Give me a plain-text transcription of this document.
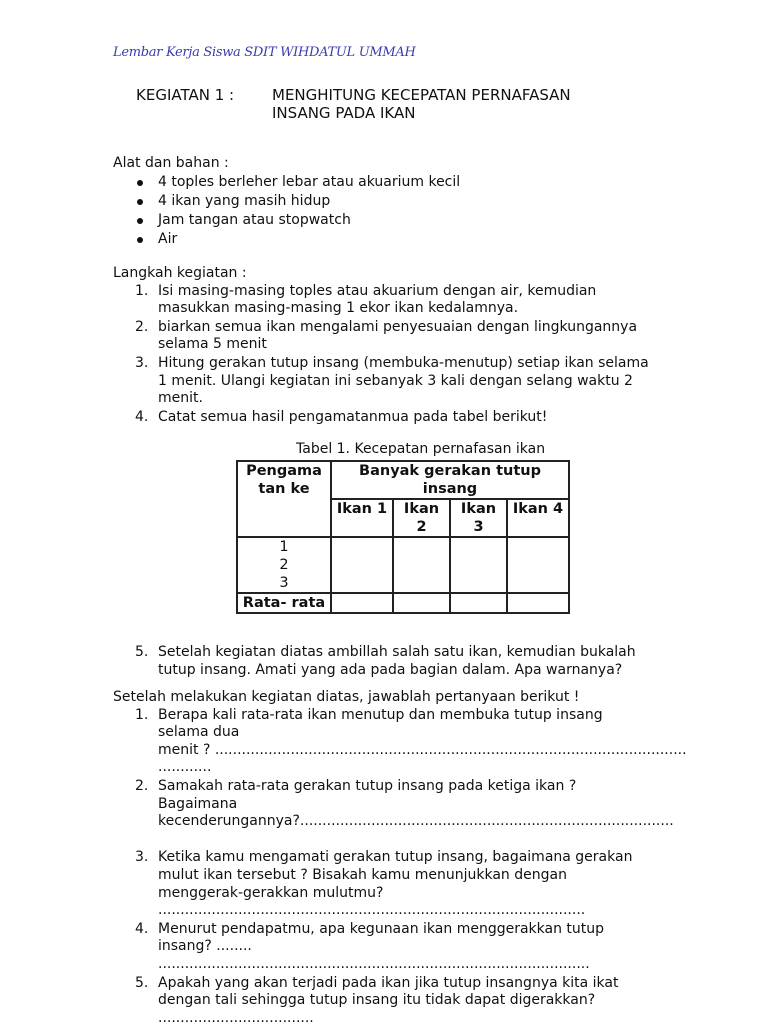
Lembar Kerja Siswa SDIT WIHDATUL UMMAH
KEGIATAN 1 :	MENGHITUNG KECEPATAN PERNAFASAN
INSANG PADA IKAN
Alat dan bahan :
4 toples berleher lebar atau akuarium kecil
4 ikan yang masih hidup
Jam tangan atau stopwatch
Air
Langkah kegiatan :
1. Isi masing-masing toples atau akuarium dengan air, kemudian
masukkan masing-masing 1 ekor ikan kedalamnya.
2. biarkan semua ikan mengalami penyesuaian dengan lingkungannya
selama 5 menit
3. Hitung gerakan tutup insang (membuka-menutup) setiap ikan selama
1 menit. Ulangi kegiatan ini sebanyak 3 kali dengan selang waktu 2
menit.
4. Catat semua hasil pengamatanmua pada tabel berikut!
Tabel 1. Kecepatan pernafasan ikan
Pengama tan ke	Banyak gerakan tutup insang			
	Ikan 1	Ikan 2	Ikan 3	Ikan 4

1
2
3				

Rata- rata				
5. Setelah kegiatan diatas ambillah salah satu ikan, kemudian bukalah
tutup insang. Amati yang ada pada bagian dalam. Apa warnanya?
Setelah melakukan kegiatan diatas, jawablah pertanyaan berikut !
1. Berapa kali rata-rata ikan menutup dan membuka tutup insang
selama dua
menit ? ..........................................................................................................
............
2. Samakah rata-rata gerakan tutup insang pada ketiga ikan ?
Bagaimana
kecenderungannya?....................................................................................
3. Ketika kamu mengamati gerakan tutup insang, bagaimana gerakan
mulut ikan tersebut ? Bisakah kamu menunjukkan dengan
menggerak-gerakkan mulutmu?
................................................................................................
4. Menurut pendapatmu, apa kegunaan ikan menggerakkan tutup
insang? ........
.................................................................................................
5. Apakah yang akan terjadi pada ikan jika tutup insangnya kita ikat
dengan tali sehingga tutup insang itu tidak dapat digerakkan?
...................................
